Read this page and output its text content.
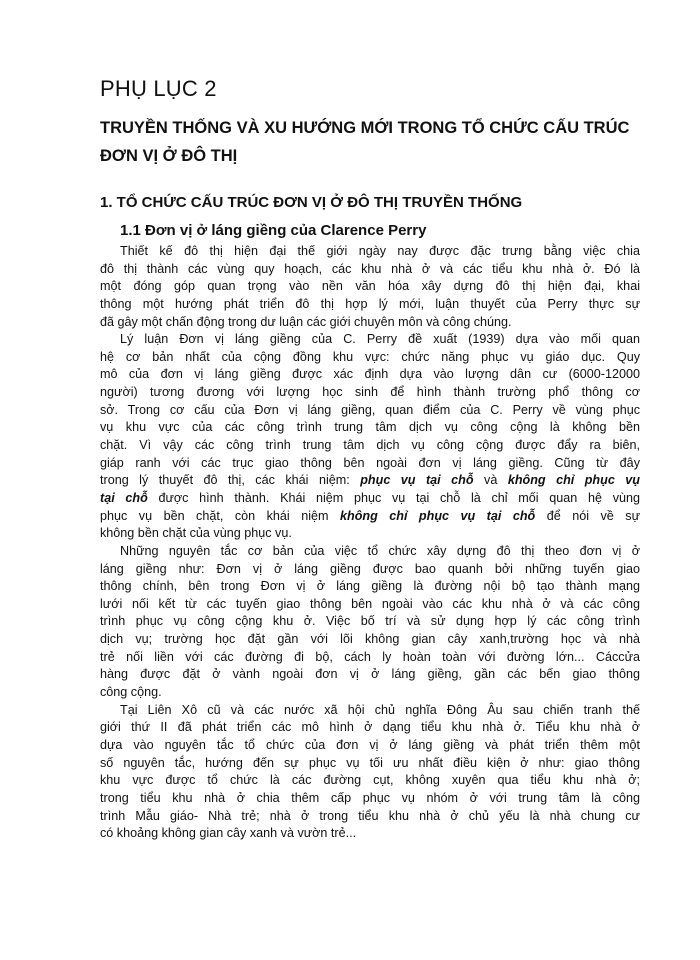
PHỤ LỤC 2
TRUYỀN THỐNG VÀ XU HƯỚNG MỚI TRONG TỔ CHỨC CẤU TRÚC ĐƠN VỊ Ở ĐÔ THỊ
1. TỔ CHỨC CẤU TRÚC ĐƠN VỊ Ở ĐÔ THỊ TRUYỀN THỐNG
1.1 Đơn vị ở láng giềng của Clarence Perry
Thiết kế đô thị hiện đại thế giới ngày nay được đặc trưng bằng việc chia
đô thị thành các vùng quy hoạch, các khu nhà ở và các tiểu khu nhà ở. Đó là
một đóng góp quan trọng vào nền văn hóa xây dựng đô thị hiện đại, khai
thông một hướng phát triển đô thị hợp lý mới, luận thuyết của Perry thực sự
đã gây một chấn động trong dư luận các giới chuyên môn và công chúng.
Lý luận Đơn vị láng giềng của C. Perry đề xuất (1939) dựa vào mối quan
hệ cơ bản nhất của cộng đồng khu vực: chức năng phục vụ giáo dục. Quy
mô của đơn vị láng giềng được xác định dựa vào lượng dân cư (6000-12000
người) tương đương với lượng học sinh để hình thành trường phổ thông cơ
sở. Trong cơ cấu của Đơn vị láng giềng, quan điểm của C. Perry về vùng phục
vụ khu vực của các công trình trung tâm dịch vụ công cộng là không bền
chặt. Vì vậy các công trình trung tâm dịch vụ công cộng được đẩy ra biên,
giáp ranh với các trục giao thông bên ngoài đơn vị láng giềng. Cũng từ đây
trong lý thuyết đô thị, các khái niệm: phục vụ tại chỗ và không chỉ phục vụ
tại chỗ được hình thành. Khái niệm phục vụ tại chỗ là chỉ mối quan hệ vùng
phục vụ bền chặt, còn khái niệm không chỉ phục vụ tại chỗ để nói về sự
không bền chặt của vùng phục vụ.
Những nguyên tắc cơ bản của việc tổ chức xây dựng đô thị theo đơn vị ở
láng giềng như: Đơn vị ở láng giềng được bao quanh bởi những tuyến giao
thông chính, bên trong Đơn vị ở láng giềng là đường nội bộ tạo thành mạng
lưới nối kết từ các tuyến giao thông bên ngoài vào các khu nhà ở và các công
trình phục vụ công cộng khu ở. Việc bố trí và sử dụng hợp lý các công trình
dịch vụ; trường học đặt gần với lõi không gian cây xanh,trường học và nhà
trẻ nối liền với các đường đi bộ, cách ly hoàn toàn với đường lớn... Cáccửa
hàng được đặt ở vành ngoài đơn vị ở láng giềng, gần các bến giao thông
công cộng.
Tại Liên Xô cũ và các nước xã hội chủ nghĩa Đông Âu sau chiến tranh thế
giới thứ II đã phát triển các mô hình ở dạng tiểu khu nhà ở. Tiểu khu nhà ở
dựa vào nguyên tắc tổ chức của đơn vị ở láng giềng và phát triển thêm một
số nguyên tắc, hướng đến sự phục vụ tối ưu nhất điều kiện ở như: giao thông
khu vực được tổ chức là các đường cụt, không xuyên qua tiểu khu nhà ở;
trong tiểu khu nhà ở chia thêm cấp phục vụ nhóm ở với trung tâm là công
trình Mẫu giáo- Nhà trẻ; nhà ở trong tiểu khu nhà ở chủ yếu là nhà chung cư
có khoảng không gian cây xanh và vườn trẻ...
